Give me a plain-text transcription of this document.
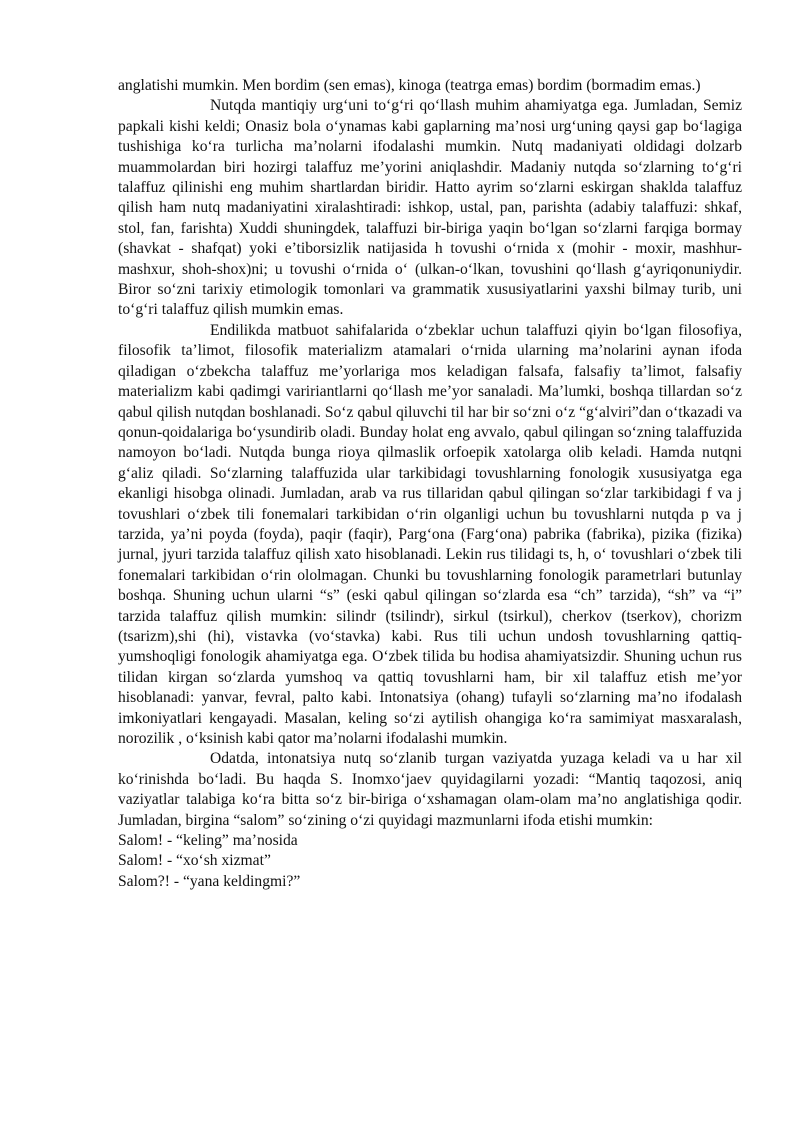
anglatishi mumkin. Men bordim (sen emas), kinoga (teatrga emas) bordim (bormadim emas.)

Nutqda mantiqiy urg‘uni to‘g‘ri qo‘llash muhim ahamiyatga ega. Jumladan, Semiz papkali kishi keldi; Onasiz bola o‘ynamas kabi gaplarning ma’nosi urg‘uning qaysi gap bo‘lagiga tushishiga ko‘ra turlicha ma’nolarni ifodalashi mumkin. Nutq madaniyati oldidagi dolzarb muammolardan biri hozirgi talaffuz me’yorini aniqlashdir. Madaniy nutqda so‘zlarning to‘g‘ri talaffuz qilinishi eng muhim shartlardan biridir. Hatto ayrim so‘zlarni eskirgan shaklda talaffuz qilish ham nutq madaniyatini xiralashtiradi: ishkop, ustal, pan, parishta (adabiy talaffuzi: shkaf, stol, fan, farishta) Xuddi shuningdek, talaffuzi bir-biriga yaqin bo‘lgan so‘zlarni farqiga bormay (shavkat - shafqat) yoki e’tiborsizlik natijasida h tovushi o‘rnida x (mohir - moxir, mashhur- mashxur, shoh-shox)ni; u tovushi o‘rnida o‘ (ulkan-o‘lkan, tovushini qo‘llash g‘ayriqonuniydir. Biror so‘zni tarixiy etimologik tomonlari va grammatik xususiyatlarini yaxshi bilmay turib, uni to‘g‘ri talaffuz qilish mumkin emas.

Endilikda matbuot sahifalarida o‘zbeklar uchun talaffuzi qiyin bo‘lgan filosofiya, filosofik ta’limot, filosofik materializm atamalari o‘rnida ularning ma’nolarini aynan ifoda qiladigan o‘zbekcha talaffuz me’yorlariga mos keladigan falsafa, falsafiy ta’limot, falsafiy materializm kabi qadimgi variriantlarni qo‘llash me’yor sanaladi. Ma’lumki, boshqa tillardan so‘z qabul qilish nutqdan boshlanadi. So‘z qabul qiluvchi til har bir so‘zni o‘z “g‘alviri”dan o‘tkazadi va qonun-qoidalariga bo‘ysundirib oladi. Bunday holat eng avvalo, qabul qilingan so‘zning talaffuzida namoyon bo‘ladi. Nutqda bunga rioya qilmaslik orfoepik xatolarga olib keladi. Hamda nutqni g‘aliz qiladi. So‘zlarning talaffuzida ular tarkibidagi tovushlarning fonologik xususiyatga ega ekanligi hisobga olinadi. Jumladan, arab va rus tillaridan qabul qilingan so‘zlar tarkibidagi f va j tovushlari o‘zbek tili fonemalari tarkibidan o‘rin olganligi uchun bu tovushlarni nutqda p va j tarzida, ya’ni poyda (foyda), paqir (faqir), Parg‘ona (Farg‘ona) pabrika (fabrika), pizika (fizika) jurnal, jyuri tarzida talaffuz qilish xato hisoblanadi. Lekin rus tilidagi ts, h, o‘ tovushlari o‘zbek tili fonemalari tarkibidan o‘rin ololmagan. Chunki bu tovushlarning fonologik parametrlari butunlay boshqa. Shuning uchun ularni “s” (eski qabul qilingan so‘zlarda esa “ch” tarzida), “sh” va “i” tarzida talaffuz qilish mumkin: silindr (tsilindr), sirkul (tsirkul), cherkov (tserkov), chorizm (tsarizm),shi (hi), vistavka (vo‘stavka) kabi. Rus tili uchun undosh tovushlarning qattiq-yumshoqligi fonologik ahamiyatga ega. O‘zbek tilida bu hodisa ahamiyatsizdir. Shuning uchun rus tilidan kirgan so‘zlarda yumshoq va qattiq tovushlarni ham, bir xil talaffuz etish me’yor hisoblanadi: yanvar, fevral, palto kabi. Intonatsiya (ohang) tufayli so‘zlarning ma’no ifodalash imkoniyatlari kengayadi. Masalan, keling so‘zi aytilish ohangiga ko‘ra samimiyat masxaralash, norozilik , o‘ksinish kabi qator ma’nolarni ifodalashi mumkin.

Odatda, intonatsiya nutq so‘zlanib turgan vaziyatda yuzaga keladi va u har xil ko‘rinishda bo‘ladi. Bu haqda S. Inomxo‘jaev quyidagilarni yozadi: “Mantiq taqozosi, aniq vaziyatlar talabiga ko‘ra bitta so‘z bir-biriga o‘xshamagan olam-olam ma’no anglatishiga qodir. Jumladan, birgina “salom” so‘zining o‘zi quyidagi mazmunlarni ifoda etishi mumkin:

Salom! - “keling” ma’nosida

Salom! - “xo‘sh xizmat”

Salom?! - “yana keldingmi?”
